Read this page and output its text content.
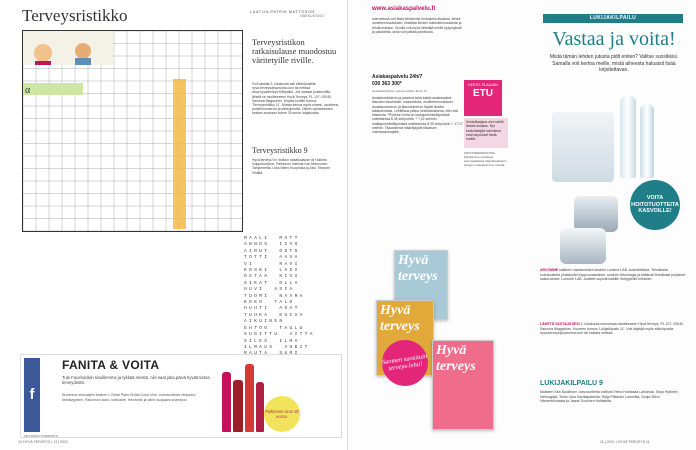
Terveysristikko	LAATIJA PATRIK MATTSSON
VAIKEUSTASO
α
Terveysristikon ratkaisulause muodostuu väritetyille riville.
Voit vastata 3. lokakuuta asti sähköpostilla hyva.terveys@sanoma.com tai netissä www.hyvaterveys.fi/kilpailut. Jos vastaat postikortilla, lähetä se osoitteeseen Hyvä Terveys, PL 107, 00040 Sanoma Magazines. Kirjoita korttiin tunnus 'Terveysristikko 11'. Muista kertoa myös nimesi, osoitteesi, puhelinnumerosi ja sähköpostisi. Oikein vastanneiden kesken arvotaan kolme 30 euron lahjakorttia.
Terveysristikko 9
Hyvä terveys 9:n ristikon ratkaisulause oli Huikeat hoippukuntoon. Palkinnon voittivat Kari Mannonen Tampereelta, Liisa Niemi Kuopiosta ja Aino Tiinonen Vihtiltä.
MAALI  MATT
ANNOS  IIVO
AIRUT  OSTO
TOTTI  AAVA
VI     RAVI
KOSKI  LASI
OSTAA  KIVI
SIKAT  OLLA
HUVI  ASIA
TUOMI  NAARA
KOKO  TALO
HUHTI  ASAT
TUHKA  KUIVA
AIKUINEN
EHTOO  TAULU
SUDITTU  AITTA
SILEÄ  ILMA
ILMAUS  AHDIT
f
FANITA & VOITA
Tule Facebookiin sivuillemme ja tykkää meistä, niin saat joka päivä hyvää tietoa terveydestä.
Arvomme seuraajien kesken L'Oréal Paris Elvital Color Vive -hoitotuotteita väripidon kestävyyteen. Palkinnon koko: hoitoaine, tehohoito ja värin suojaava shampoo.
FB.COM/HYVATERVEYS
Palkinnon arvo 30 euroa.
10 HYVÄ TERVEYS | 11 | 2021
www.asiakaspalvelu.fi
Internetissä voit tilata lehtiämme tiedustella tilauksia, tehdä osoitteenmuutoksen, ilmoittaa lehden tulemattomuudesta ja tehdä maksun. Sivulla voit myös lähettää meille kysymyksiä ja palautetta, sekä voit palkita palvelusta.
Asiakaspalvelu 24h/7
030 363 300*
Henkilökohtainen palvelu arkisin klo 8–17.
Asiakasrekisterin ja palvelut sekä kaikki asiakasasiat: tilausten muutokset, maksutiedot, osoitteenmuutokset. Asiakasnumeron ja tilausnumeron löydät lehden takakannesta. Lehtitilaus jatkuu kestotilauksena, ellei sitä irtisanota. *Puhelun hinta on lankapuhelinliittymästä soitettaessa 8,35 snt/puhelu + 7,02 snt/min, matkapuhelinliittymästä soitettaessa 8,35 snt/puhelu + 17,17 snt/min. Tilaushinnat määräytyvät tilauksen voimassaoloajalle.
KESTO-TILAAJAN
ETU
Kestotilaajana olet meillä tärkeä asiakas. Nyt kestotilaajille tarkoitetut edut tarjoukset tästä meiltä.
OSOITTEENMUUTOS: Päivitämme osoitteesi automaattisesti Väestörekisterin tietojen mukaisesti kun muutat.
Hyvä terveys
Hyvä terveys
Hyvä terveys
Suomen suosituin terveys-lehti!
11 | 2021 | HYVÄ TERVEYS 11
LUKIJAKILPAILU
Vastaa ja voita!
Mistä tämän lehden jutusta pidit eniten? Valitse suosikkisi. Samalla voit kertoa meille, mistä aiheesta haluaisit lisää kirjoitettavan.
VOITA HOITOTUOTTEITA KASVOILLE!
ARVOMME kaikkien vastanneiden kesken Lumene LAB -kosmetiikkaa. Tehokkaita hoitotuotteita yhdistyvät hoippuosaaminen, uusinen teknologia ja tutkitusti tehokkaat pohjoiset raaka-aineet. Lumene LAB -tuotteet sopivat kaikille ihotyypeille erikseen.
LÄHETÄ VASTAUKSESI 3. lokakuuta mennessä osoitteeseen Hyvä terveys, PL 107, 00040 Sanoma Magazines. Kuoreen tunnus 'Lukijakilpailu 11'. Voit käyttää myös sähköpostia hyva.terveys@sanoma.com tai vastata netissä.
LUKIJAKILPAILU 9
Matkeen Sea Buckthorn -kasvovoiteita voittivat Vieno Huhtasaa Lahdesta, Sirpa Hyttinen Helsingistä, Terho Liisa Savitaipaleelta, Raija Pitkänen Lammilta, Sonja Siltvo Hämeenlinnasta ja Jaana Tuovinen Huittisista.
